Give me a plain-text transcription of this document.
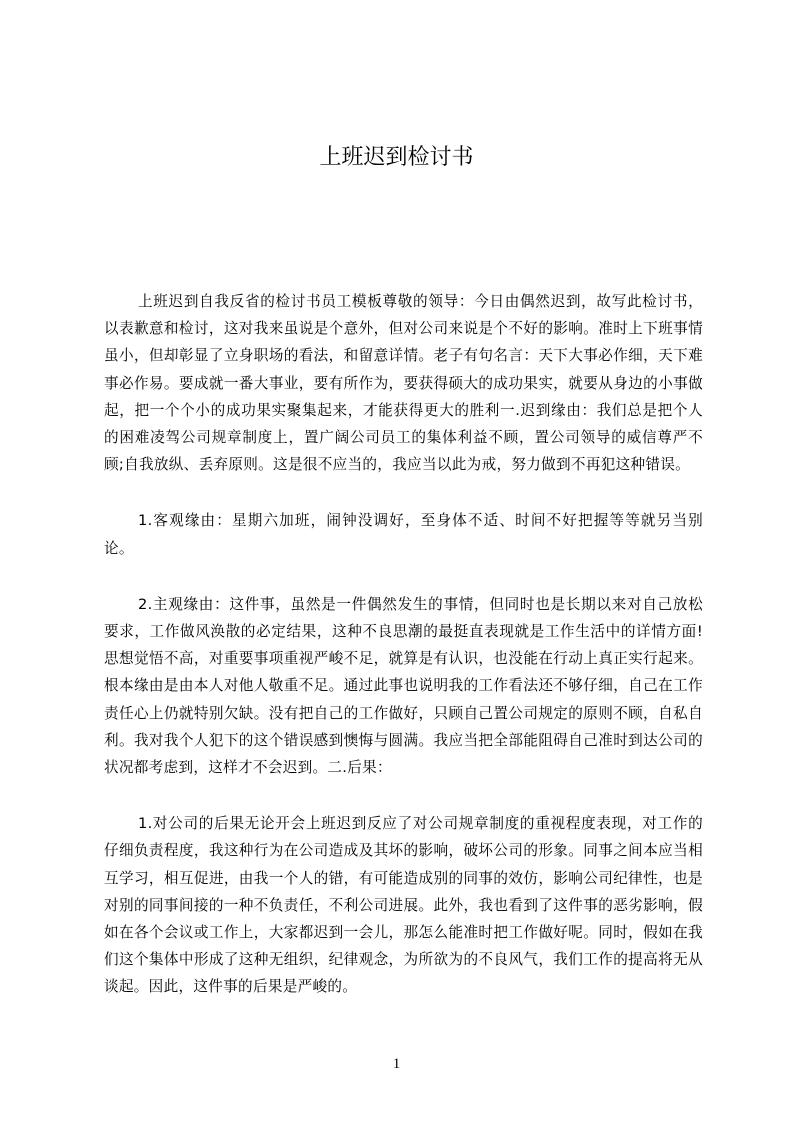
上班迟到检讨书

上班迟到自我反省的检讨书员工模板尊敬的领导：今日由偶然迟到，故写此检讨书，以表歉意和检讨，这对我来虽说是个意外，但对公司来说是个不好的影响。准时上下班事情虽小，但却彰显了立身职场的看法，和留意详情。老子有句名言：天下大事必作细，天下难事必作易。要成就一番大事业，要有所作为，要获得硕大的成功果实，就要从身边的小事做起，把一个个小的成功果实聚集起来，才能获得更大的胜利一.迟到缘由：我们总是把个人的困难凌驾公司规章制度上，置广阔公司员工的集体利益不顾，置公司领导的威信尊严不顾;自我放纵、丢弃原则。这是很不应当的，我应当以此为戒，努力做到不再犯这种错误。

1.客观缘由：星期六加班，闹钟没调好，至身体不适、时间不好把握等等就另当别论。

2.主观缘由：这件事，虽然是一件偶然发生的事情，但同时也是长期以来对自己放松要求，工作做风涣散的必定结果，这种不良思潮的最挺直表现就是工作生活中的详情方面!思想觉悟不高，对重要事项重视严峻不足，就算是有认识，也没能在行动上真正实行起来。根本缘由是由本人对他人敬重不足。通过此事也说明我的工作看法还不够仔细，自己在工作责任心上仍就特别欠缺。没有把自己的工作做好，只顾自己置公司规定的原则不顾，自私自利。我对我个人犯下的这个错误感到懊悔与圆满。我应当把全部能阻碍自己准时到达公司的状况都考虑到，这样才不会迟到。二.后果：

1.对公司的后果无论开会上班迟到反应了对公司规章制度的重视程度表现，对工作的仔细负责程度，我这种行为在公司造成及其坏的影响，破坏公司的形象。同事之间本应当相互学习，相互促进，由我一个人的错，有可能造成别的同事的效仿，影响公司纪律性，也是对别的同事间接的一种不负责任，不利公司进展。此外，我也看到了这件事的恶劣影响，假如在各个会议或工作上，大家都迟到一会儿，那怎么能准时把工作做好呢。同时，假如在我们这个集体中形成了这种无组织，纪律观念，为所欲为的不良风气，我们工作的提高将无从谈起。因此，这件事的后果是严峻的。

1
